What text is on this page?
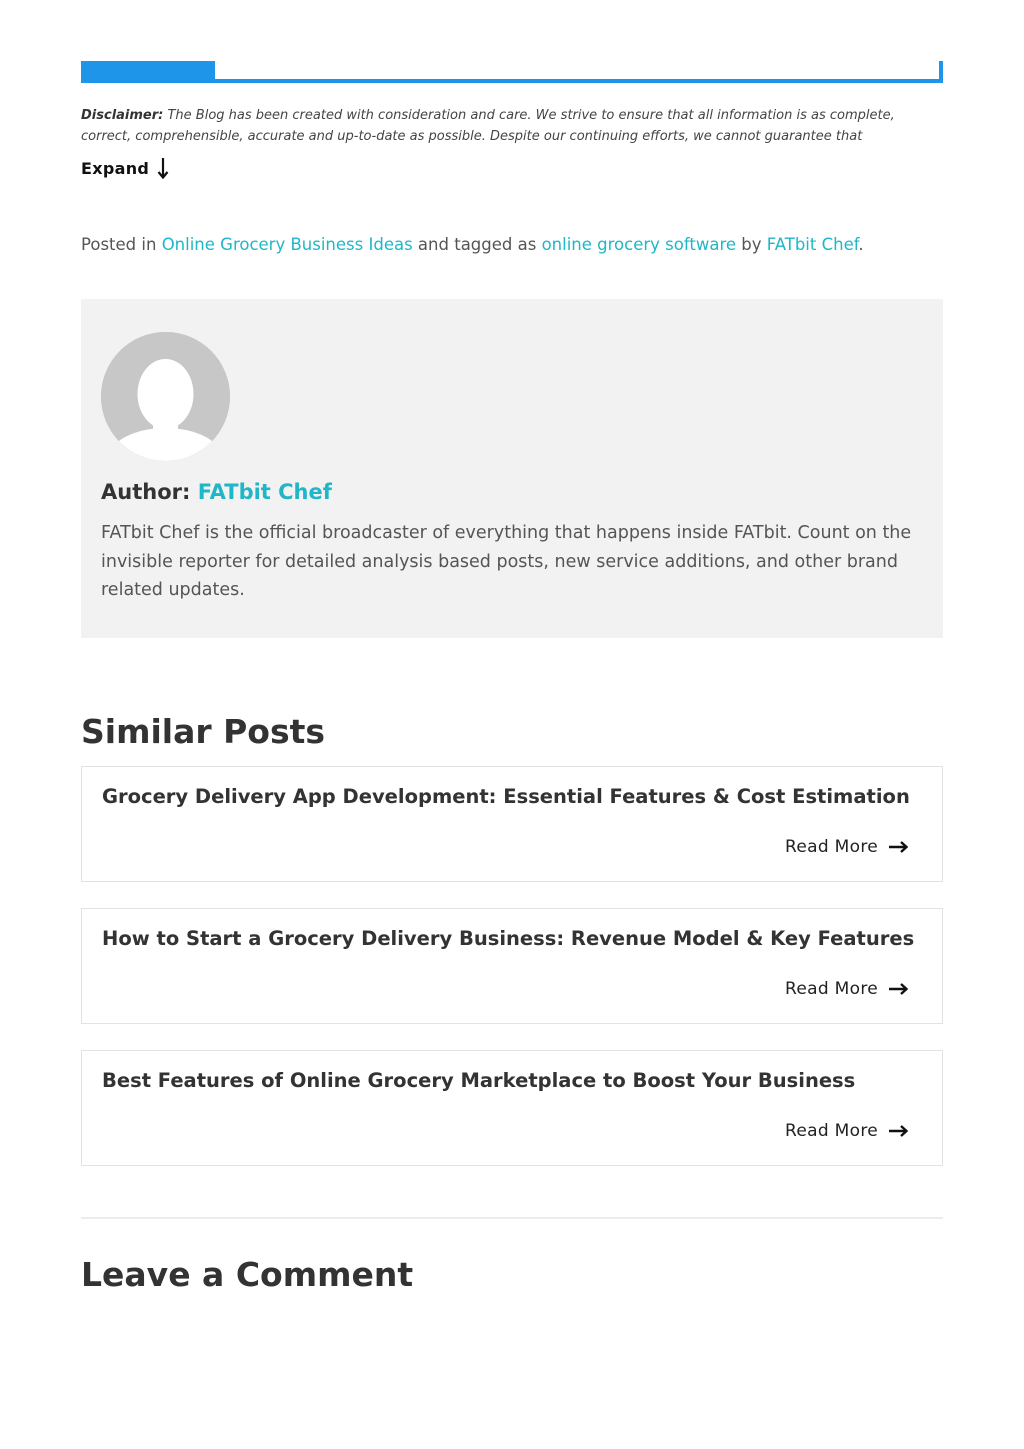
Disclaimer: The Blog has been created with consideration and care. We strive to ensure that all information is as complete, correct, comprehensible, accurate and up-to-date as possible. Despite our continuing efforts, we cannot guarantee that
Expand
Posted in Online Grocery Business Ideas and tagged as online grocery software by FATbit Chef.
Author: FATbit Chef
FATbit Chef is the official broadcaster of everything that happens inside FATbit. Count on the invisible reporter for detailed analysis based posts, new service additions, and other brand related updates.
Similar Posts
Grocery Delivery App Development: Essential Features & Cost Estimation
Read More
How to Start a Grocery Delivery Business: Revenue Model & Key Features
Read More
Best Features of Online Grocery Marketplace to Boost Your Business
Read More
Leave a Comment
